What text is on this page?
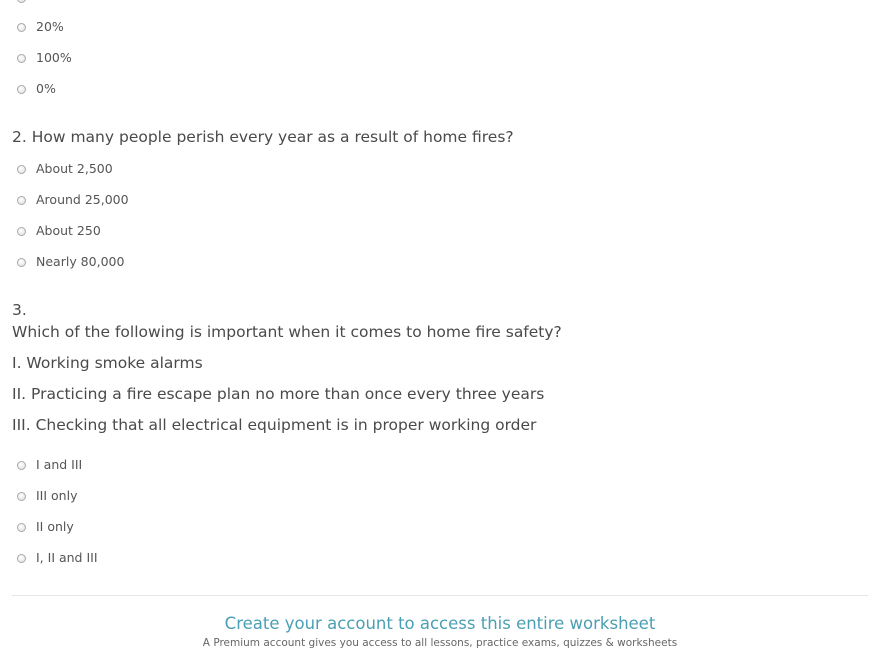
20%
100%
0%
2. How many people perish every year as a result of home fires?
About 2,500
Around 25,000
About 250
Nearly 80,000
3.
Which of the following is important when it comes to home fire safety?
I. Working smoke alarms
II. Practicing a fire escape plan no more than once every three years
III. Checking that all electrical equipment is in proper working order
I and III
III only
II only
I, II and III
Create your account to access this entire worksheet
A Premium account gives you access to all lessons, practice exams, quizzes & worksheets
